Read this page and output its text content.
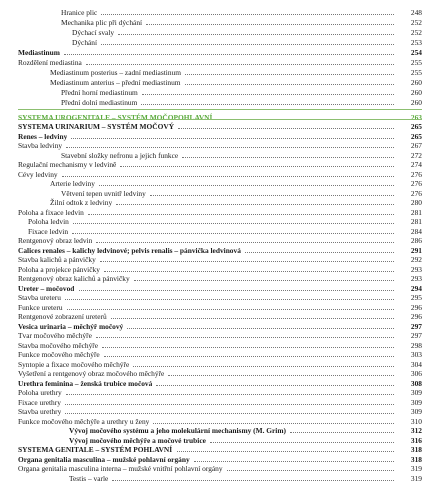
Hranice plic	248
Mechanika plic při dýchání	252
Dýchací svaly	252
Dýchání	253
Mediastinum	254
Rozdělení mediastina	255
Mediastinum posterius – zadní mediastinum	255
Mediastinum anterius – přední mediastinum	260
Přední horní mediastinum	260
Přední dolní mediastinum	260
SYSTEMA UROGENITALE – SYSTÉM MOČOPOHLAVNÍ	263
SYSTEMA URINARIUM – SYSTÉM MOČOVÝ	265
Renes – ledviny	265
Stavba ledviny	267
Stavební složky nefronu a jejich funkce	272
Regulační mechanismy v ledvině	274
Cévy ledviny	276
Arterie ledviny	276
Větvení tepen uvnitř ledviny	276
Žilní odtok z ledviny	280
Poloha a fixace ledvin	281
Poloha ledvin	281
Fixace ledvin	284
Rentgenový obraz ledvin	286
Calices renales – kalichy ledvinové; pelvis renalis – pánvička ledvinová	291
Stavba kalichů a pánvičky	292
Poloha a projekce pánvičky	293
Rentgenový obraz kalichů a pánvičky	293
Ureter – močovod	294
Stavba ureteru	295
Funkce ureteru	296
Rentgenové zobrazení ureterů	296
Vesica urinaria – měchýř močový	297
Tvar močového měchýře	297
Stavba močového měchýře	298
Funkce močového měchýře	303
Syntopie a fixace močového měchýře	304
Vyšetření a rentgenový obraz močového měchýře	306
Urethra feminina – ženská trubice močová	308
Poloha urethry	309
Fixace urethry	309
Stavba urethry	309
Funkce močového měchýře a urethry u ženy	310
Vývoj močového systému a jeho molekulární mechanismy (M. Grim)	312
Vývoj močového měchýře a močové trubice	316
SYSTEMA GENITALE – SYSTÉM POHLAVNÍ	318
Organa genitalia masculina – mužské pohlavní orgány	318
Organa genitalia masculina interna – mužské vnitřní pohlavní orgány	319
Testis – varle	319
